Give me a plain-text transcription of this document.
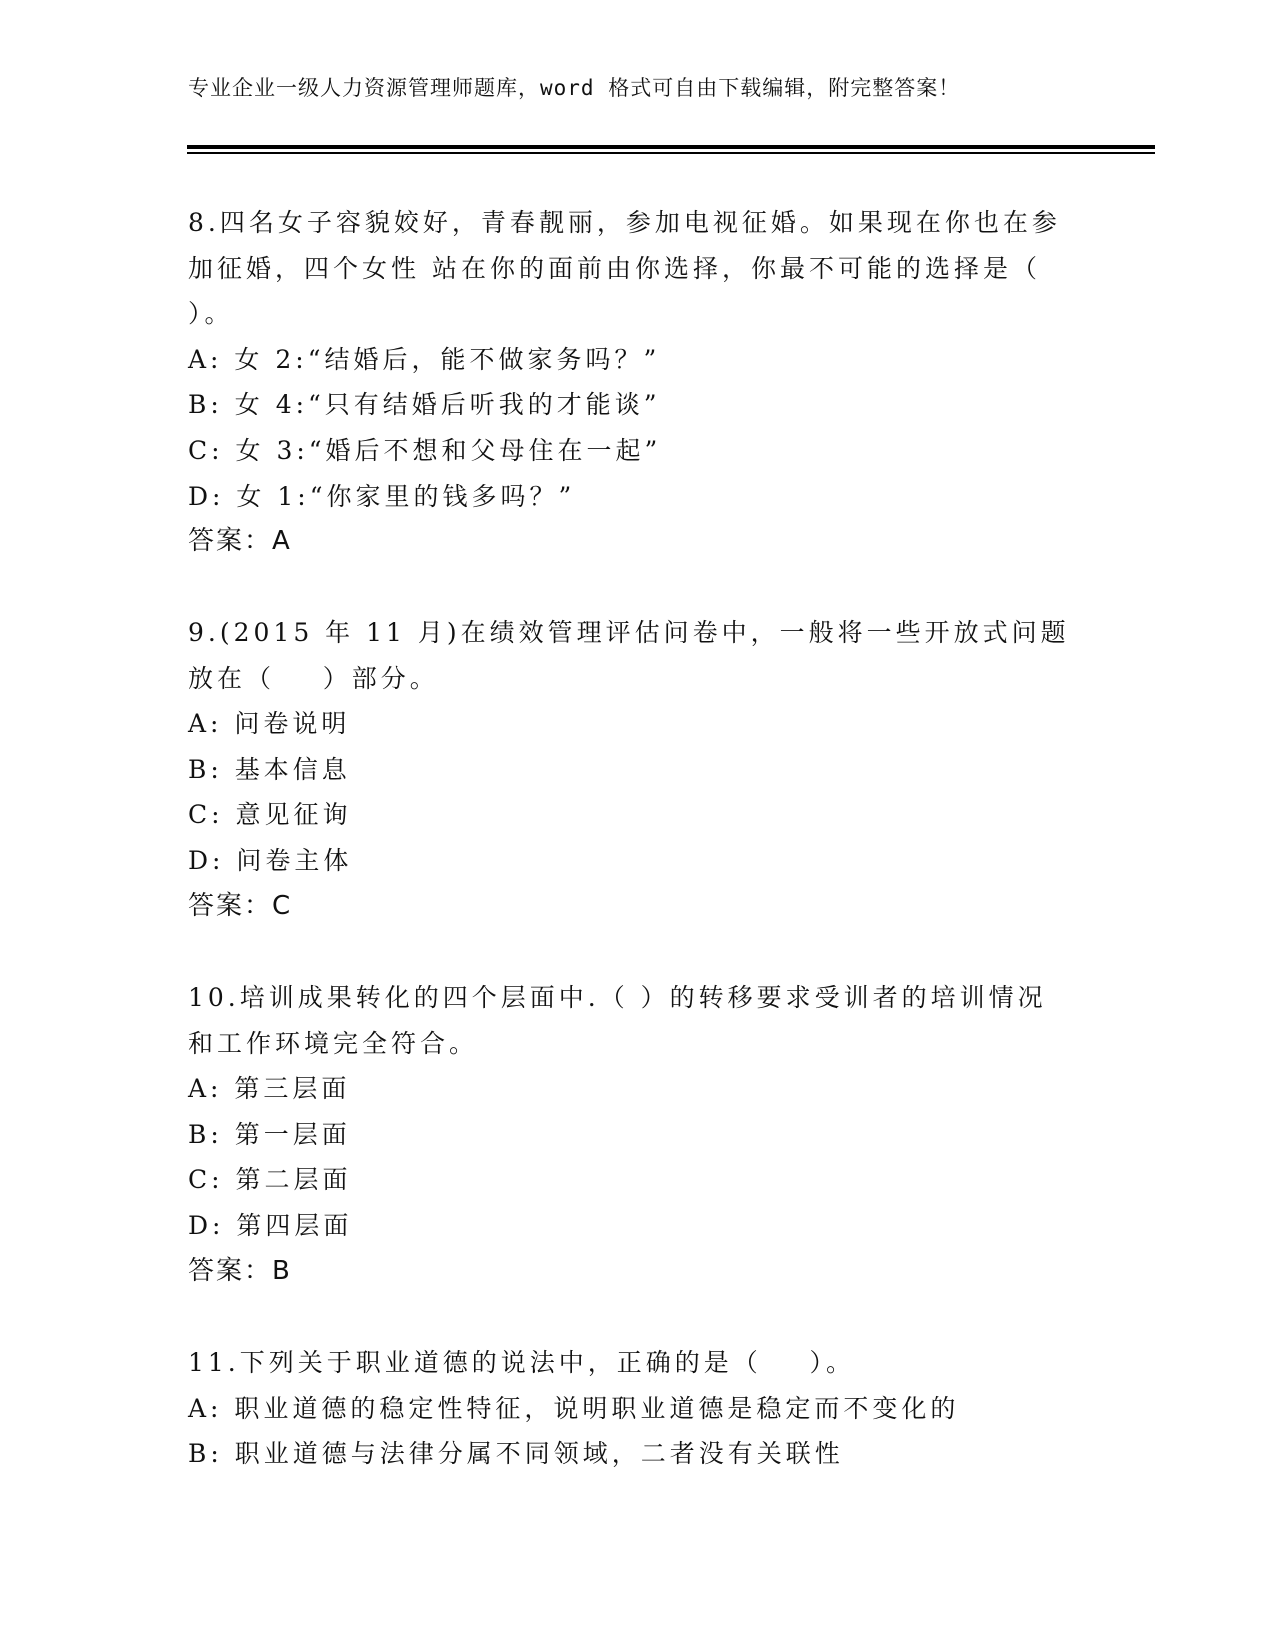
专业企业一级人力资源管理师题库，word 格式可自由下载编辑，附完整答案！

8.四名女子容貌姣好，青春靓丽，参加电视征婚。如果现在你也在参加征婚，四个女性 站在你的面前由你选择，你最不可能的选择是（ ）。

A: 女 2:“结婚后，能不做家务吗？”

B: 女 4:“只有结婚后听我的才能谈”

C: 女 3:“婚后不想和父母住在一起”

D: 女 1:“你家里的钱多吗？”

答案：A

9.(2015 年 11 月)在绩效管理评估问卷中，一般将一些开放式问题放在（    ）部分。

A: 问卷说明

B: 基本信息

C: 意见征询

D: 问卷主体

答案：C

10.培训成果转化的四个层面中.（ ）的转移要求受训者的培训情况和工作环境完全符合。

A: 第三层面

B: 第一层面

C: 第二层面

D: 第四层面

答案：B

11.下列关于职业道德的说法中，正确的是（    ）。

A: 职业道德的稳定性特征，说明职业道德是稳定而不变化的

B: 职业道德与法律分属不同领域，二者没有关联性
